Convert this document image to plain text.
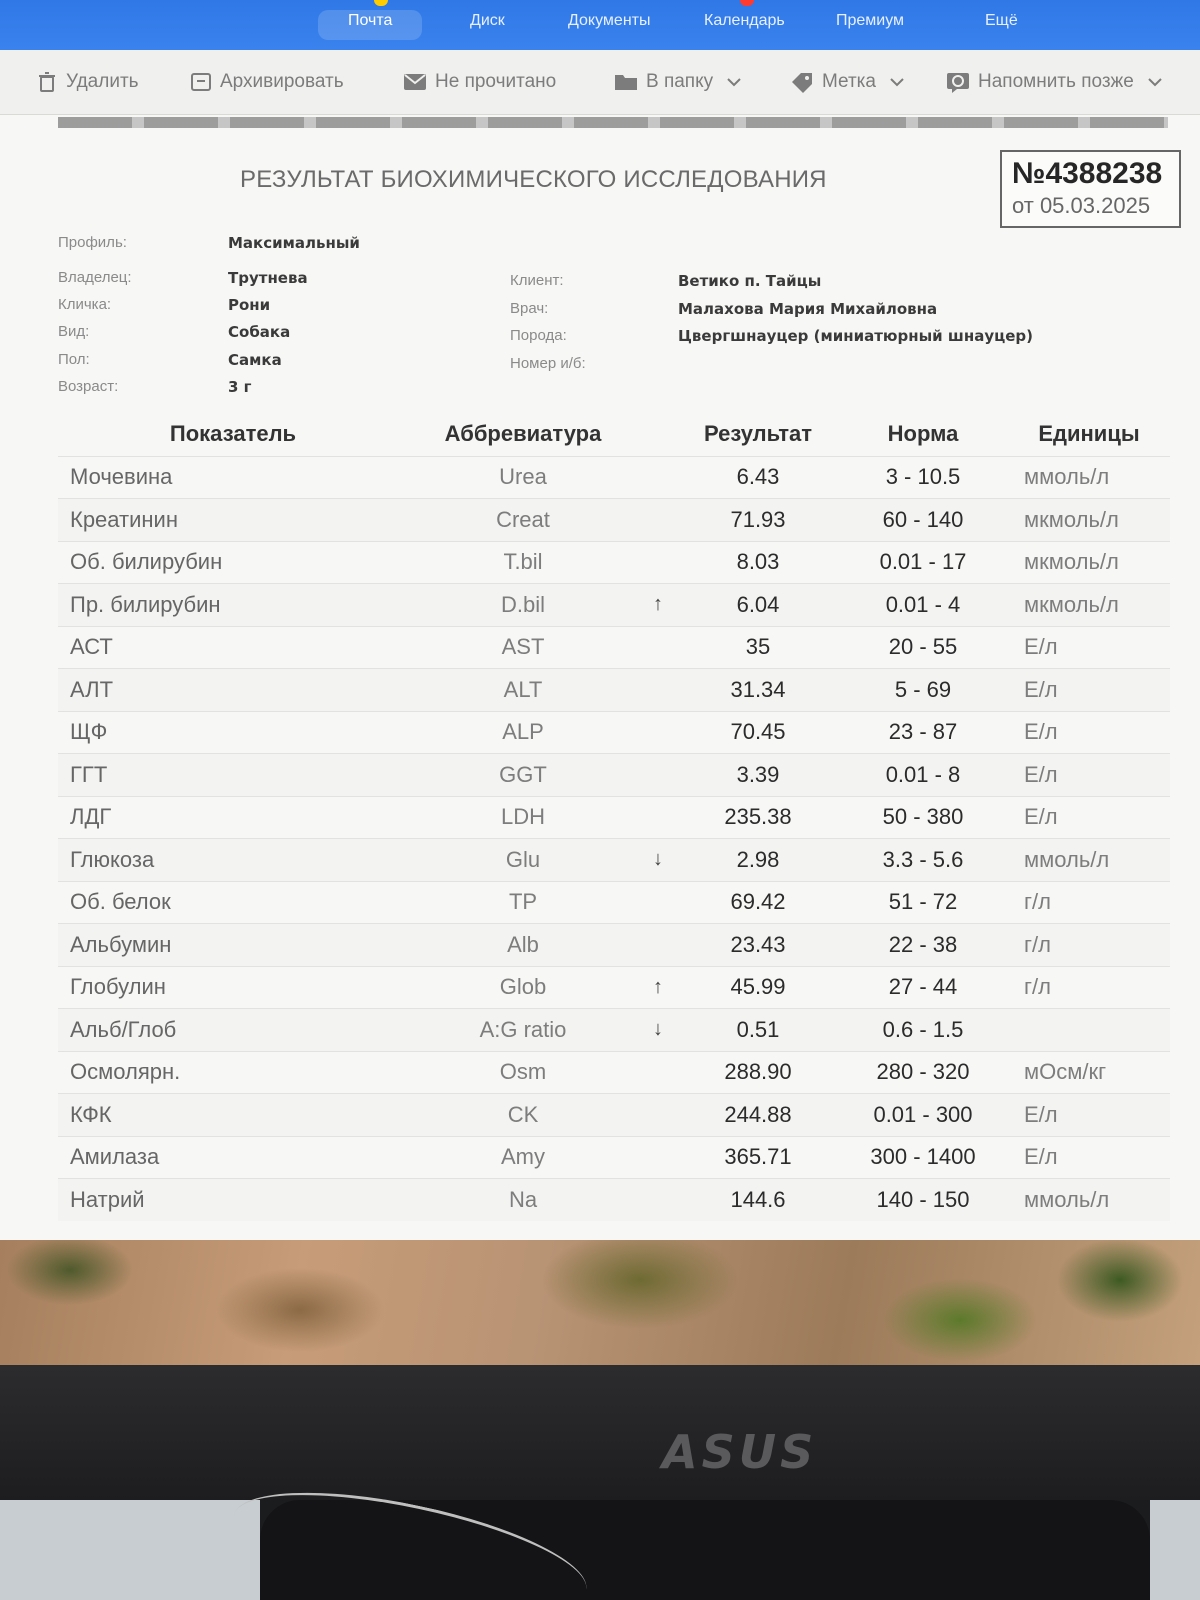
Почта	Диск	Документы	Календарь	Премиум	Ещё
Удалить	Архивировать	Не прочитано	В папку	Метка	Напомнить позже
РЕЗУЛЬТАТ БИОХИМИЧЕСКОГО ИССЛЕДОВАНИЯ	№4388238
от 05.03.2025
Профиль:	Максимальный
Владелец:	Трутнева
Кличка:	Рони
Вид:	Собака
Пол:	Самка
Возраст:	3 г
Клиент:	Ветико п. Тайцы
Врач:	Малахова Мария Михайловна
Порода:	Цвергшнауцер (миниатюрный шнауцер)
Номер и/б:
Показатель	Аббревиатура		Результат	Норма	Единицы
Мочевина	Urea		6.43	3 - 10.5	ммоль/л
Креатинин	Creat		71.93	60 - 140	мкмоль/л
Об. билирубин	T.bil		8.03	0.01 - 17	мкмоль/л
Пр. билирубин	D.bil	↑	6.04	0.01 - 4	мкмоль/л
АСТ	AST		35	20 - 55	Е/л
АЛТ	ALT		31.34	5 - 69	Е/л
ЩФ	ALP		70.45	23 - 87	Е/л
ГГТ	GGT		3.39	0.01 - 8	Е/л
ЛДГ	LDH		235.38	50 - 380	Е/л
Глюкоза	Glu	↓	2.98	3.3 - 5.6	ммоль/л
Об. белок	TP		69.42	51 - 72	г/л
Альбумин	Alb		23.43	22 - 38	г/л
Глобулин	Glob	↑	45.99	27 - 44	г/л
Альб/Глоб	A:G ratio	↓	0.51	0.6 - 1.5	
Осмолярн.	Osm		288.90	280 - 320	мОсм/кг
КФК	CK		244.88	0.01 - 300	Е/л
Амилаза	Amy		365.71	300 - 1400	Е/л
Натрий	Na		144.6	140 - 150	ммоль/л
ASUS
